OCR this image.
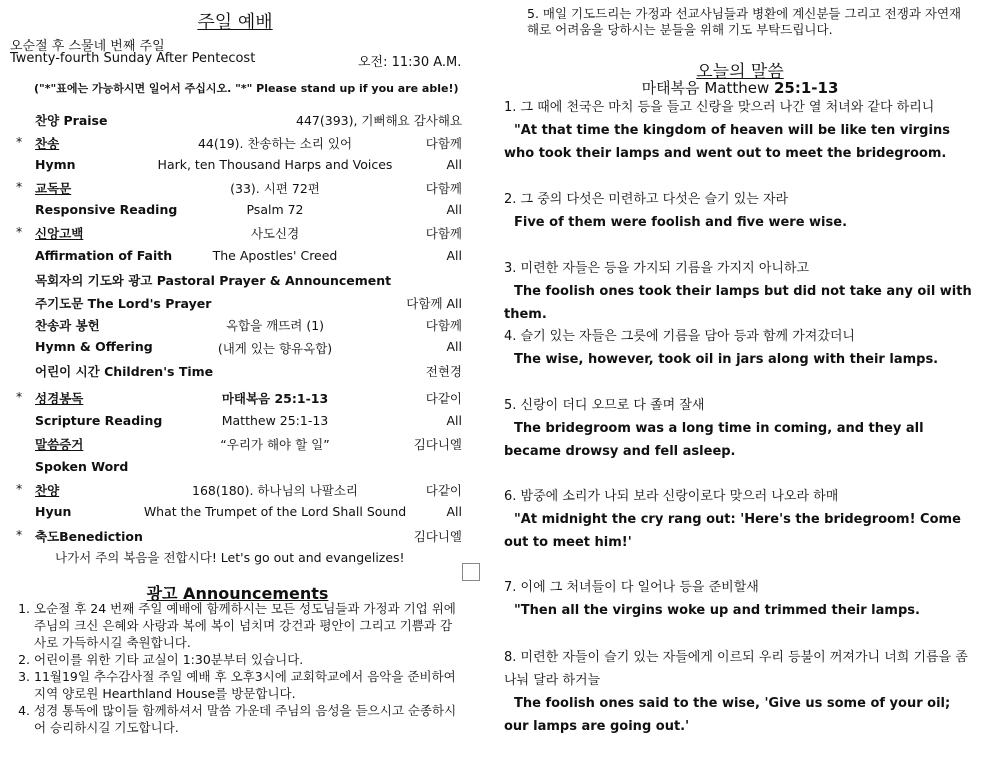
주일 예배
오순절 후 스물네 번째 주일
Twenty-fourth Sunday After Pentecost	오전: 11:30 A.M.
("*"표에는 가능하시면 일어서 주십시오. "*" Please stand up if you are able!)
찬양 Praise	447(393), 기뻐해요 감사해요
* 찬송	44(19). 찬송하는 소리 있어	다함께
Hymn	Hark, ten Thousand Harps and Voices	All
* 교독문	(33). 시편 72편	다함께
Responsive Reading	Psalm 72	All
* 신앙고백	사도신경	다함께
Affirmation of Faith	The Apostles' Creed	All
목회자의 기도와 광고 Pastoral Prayer & Announcement
주기도문 The Lord's Prayer	다함께 All
찬송과 봉헌	옥합을 깨뜨려 (1)	다함께
Hymn & Offering	(내게 있는 향유옥합)	All
어린이 시간 Children's Time	전현경
* 성경봉독	마태복음 25:1-13	다같이
Scripture Reading	Matthew 25:1-13	All
말씀증거	“우리가 해야 할 일”	김다니엘
Spoken Word
* 찬양	168(180). 하나님의 나팔소리	다같이
Hyun	What the Trumpet of the Lord Shall Sound	All
* 축도Benediction	김다니엘
나가서 주의 복음을 전합시다! Let's go out and evangelizes!
광고 Announcements
1. 오순절 후 24 번째 주일 예배에 함께하시는 모든 성도님들과 가정과 기업 위에 주님의 크신 은혜와 사랑과 복에 복이 넘치며 강건과 평안이 그리고 기쁨과 감사로 가득하시길 축원합니다.
2. 어린이를 위한 기타 교실이 1:30분부터 있습니다.
3. 11월19일 추수감사절 주일 예배 후 오후3시에 교회학교에서 음악을 준비하여 지역 양로원 Hearthland House를 방문합니다.
4. 성경 통독에 많이들 함께하셔서 말씀 가운데 주님의 음성을 듣으시고 순종하시어 승리하시길 기도합니다.
5. 매일 기도드리는 가정과 선교사님들과 병환에 계신분들 그리고 전쟁과 자연재해로 어려움을 당하시는 분들을 위해 기도 부탁드립니다.
오늘의 말씀
마태복음 Matthew 25:1-13
1. 그 때에 천국은 마치 등을 들고 신랑을 맞으러 나간 열 처녀와 같다 하리니
"At that time the kingdom of heaven will be like ten virgins who took their lamps and went out to meet the bridegroom.
2. 그 중의 다섯은 미련하고 다섯은 슬기 있는 자라
Five of them were foolish and five were wise.
3. 미련한 자들은 등을 가지되 기름을 가지지 아니하고
The foolish ones took their lamps but did not take any oil with them.
4. 슬기 있는 자들은 그릇에 기름을 담아 등과 함께 가져갔더니
The wise, however, took oil in jars along with their lamps.
5. 신랑이 더디 오므로 다 졸며 잘새
The bridegroom was a long time in coming, and they all became drowsy and fell asleep.
6. 밤중에 소리가 나되 보라 신랑이로다 맞으러 나오라 하매
"At midnight the cry rang out: 'Here's the bridegroom! Come out to meet him!'
7. 이에 그 처녀들이 다 일어나 등을 준비할새
"Then all the virgins woke up and trimmed their lamps.
8. 미련한 자들이 슬기 있는 자들에게 이르되 우리 등불이 꺼져가니 너희 기름을 좀 나눠 달라 하거늘
The foolish ones said to the wise, 'Give us some of your oil; our lamps are going out.'
